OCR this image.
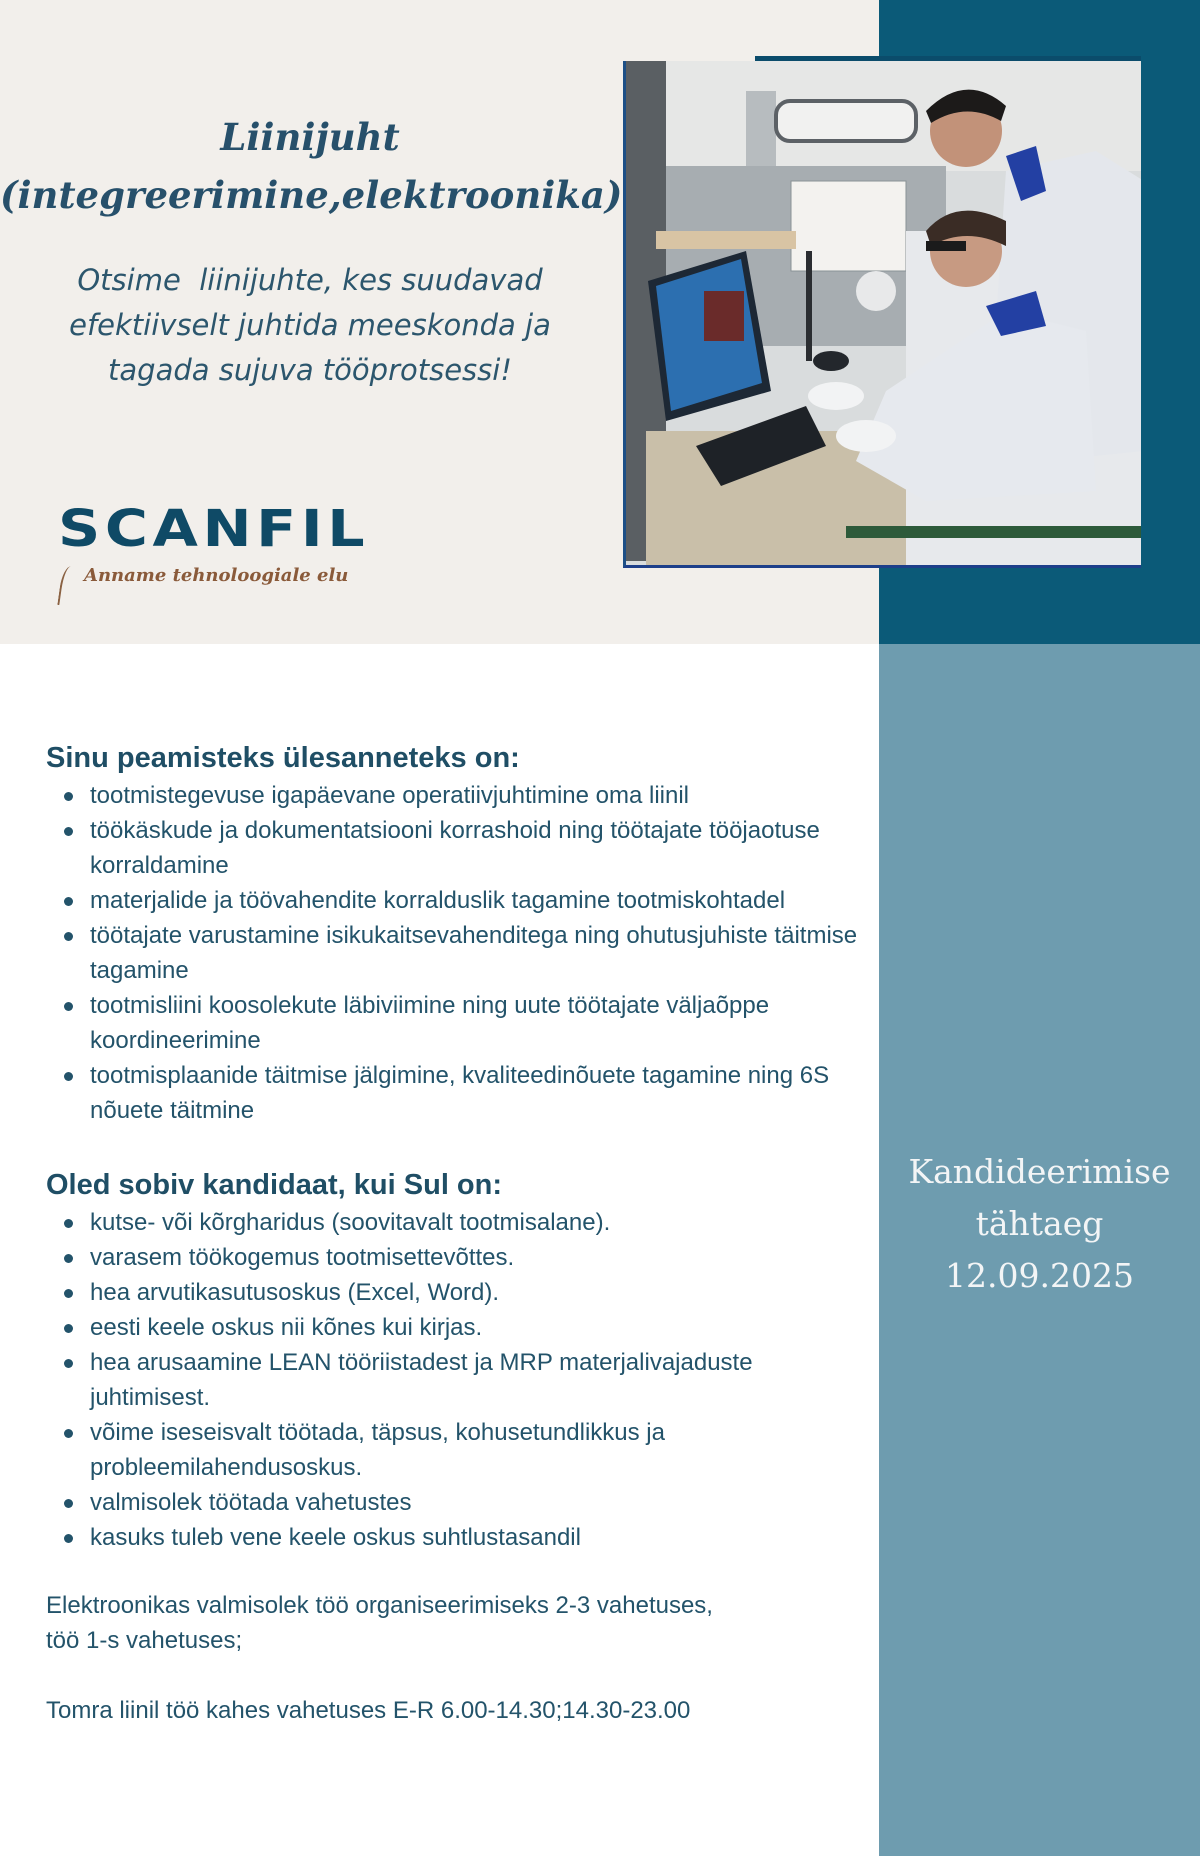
Liinijuht
(integreerimine,elektroonika)
Otsime  liinijuhte, kes suudavad
efektiivselt juhtida meeskonda ja
tagada sujuva tööprotsessi!
SCANFIL
Anname tehnoloogiale elu
Sinu peamisteks ülesanneteks on:
tootmistegevuse igapäevane operatiivjuhtimine oma liinil
töökäskude ja dokumentatsiooni korrashoid ning töötajate tööjaotuse korraldamine
materjalide ja töövahendite korralduslik tagamine tootmiskohtadel
töötajate varustamine isikukaitsevahenditega ning ohutusjuhiste täitmise tagamine
tootmisliini koosolekute läbiviimine ning uute töötajate väljaõppe koordineerimine
tootmisplaanide täitmise jälgimine, kvaliteedinõuete tagamine ning 6S nõuete täitmine
Oled sobiv kandidaat, kui Sul on:
kutse- või kõrgharidus (soovitavalt tootmisalane).
varasem töökogemus tootmisettevõttes.
hea arvutikasutusoskus (Excel, Word).
eesti keele oskus nii kõnes kui kirjas.
hea arusaamine LEAN tööriistadest ja MRP materjalivajaduste juhtimisest.
võime iseseisvalt töötada, täpsus, kohusetundlikkus ja probleemilahendusoskus.
valmisolek töötada vahetustes
kasuks tuleb vene keele oskus suhtlustasandil
Elektroonikas valmisolek töö organiseerimiseks 2-3 vahetuses,
töö 1-s vahetuses;
Tomra liinil töö kahes vahetuses E-R 6.00-14.30;14.30-23.00
Kandideerimise
tähtaeg
12.09.2025
